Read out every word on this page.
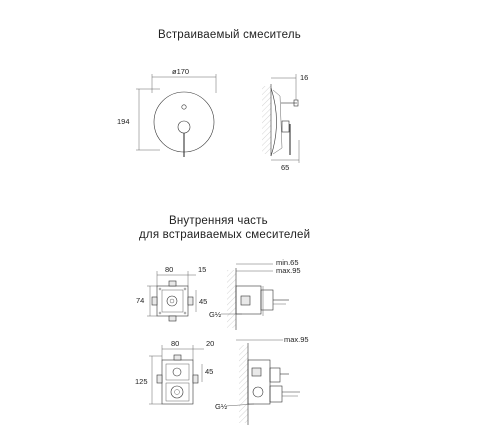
Встраиваемый смеситель
Внутренняя часть
для встраиваемых смесителей
ø170
194
16
65
80	15
74	45
min.65
max.95
G½
80	20
125
45
max.95
G½
